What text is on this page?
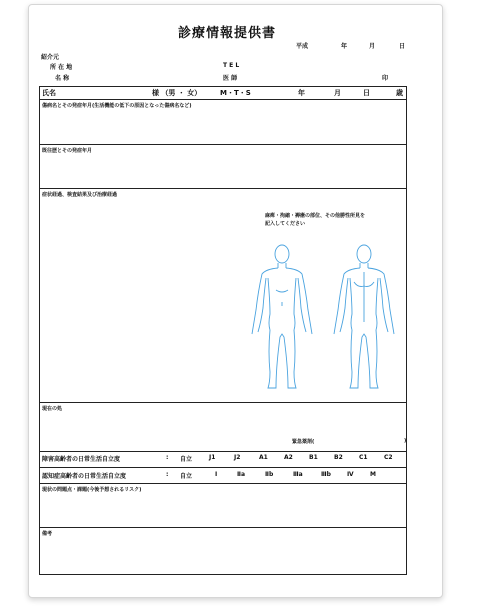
診療情報提供書
平成	年	月	日
紹介元
所 在 地	T E L
名 称	医 師	印
氏名	様 （男 ・ 女）	M・T・S	年	月	日	歳
傷病名とその発症年月(生活機能の低下の原因となった傷病名など)
既往歴とその発症年月
症状経過、検査結果及び治療経過
麻痺・拘縮・褥瘡の部位、その他勝性所見を
記入してください
現在の処
緊急薬剤(	)
障害高齢者の日常生活自立度	: 自立	J1	J2	A1	A2	B1	B2	C1	C2
認知症高齢者の日常生活自立度	: 自立	I	Ⅱa	Ⅱb	Ⅲa	Ⅲb	Ⅳ	M
現状の問題点・課題(今後予想されるリスク)
備考
